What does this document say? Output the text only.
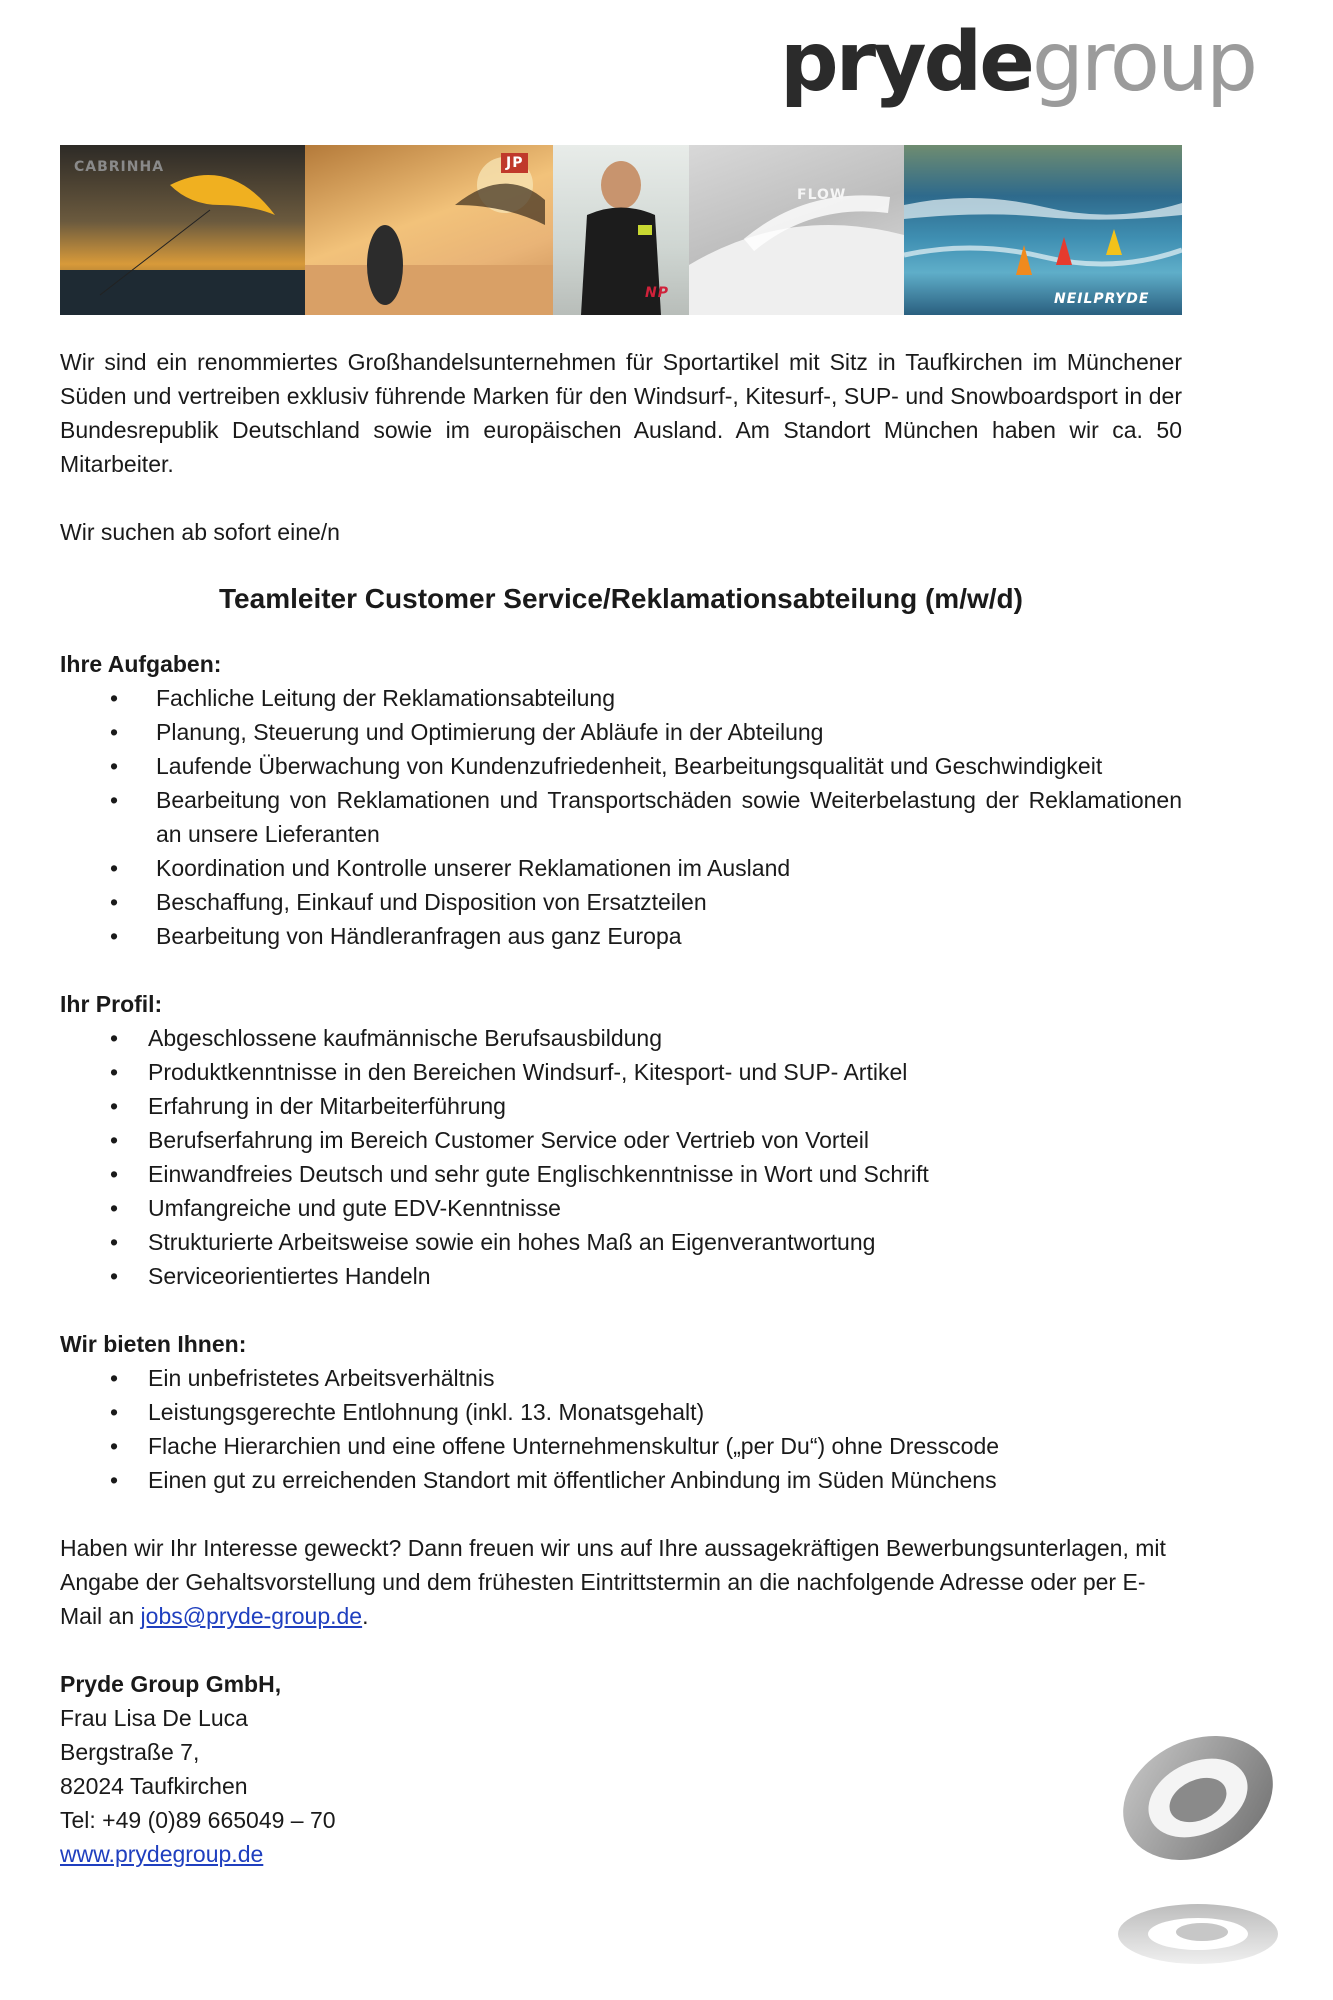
prydegroup
CABRINHA	JP
NP
FLOW
NEILPRYDE

Wir sind ein renommiertes Großhandelsunternehmen für Sportartikel mit Sitz in Taufkirchen im Münchener Süden und vertreiben exklusiv führende Marken für den Windsurf-, Kitesurf-, SUP- und Snowboardsport in der Bundesrepublik Deutschland sowie im europäischen Ausland. Am Standort München haben wir ca. 50 Mitarbeiter.

Wir suchen ab sofort eine/n

Teamleiter Customer Service/Reklamationsabteilung (m/w/d)

Ihre Aufgaben:

• Fachliche Leitung der Reklamationsabteilung
• Planung, Steuerung und Optimierung der Abläufe in der Abteilung
• Laufende Überwachung von Kundenzufriedenheit, Bearbeitungsqualität und Geschwindigkeit
• Bearbeitung von Reklamationen und Transportschäden sowie Weiterbelastung der Reklamationen an unsere Lieferanten
• Koordination und Kontrolle unserer Reklamationen im Ausland
• Beschaffung, Einkauf und Disposition von Ersatzteilen
• Bearbeitung von Händleranfragen aus ganz Europa

Ihr Profil:

• Abgeschlossene kaufmännische Berufsausbildung
• Produktkenntnisse in den Bereichen Windsurf-, Kitesport- und SUP- Artikel
• Erfahrung in der Mitarbeiterführung
• Berufserfahrung im Bereich Customer Service oder Vertrieb von Vorteil
• Einwandfreies Deutsch und sehr gute Englischkenntnisse in Wort und Schrift
• Umfangreiche und gute EDV-Kenntnisse
• Strukturierte Arbeitsweise sowie ein hohes Maß an Eigenverantwortung
• Serviceorientiertes Handeln

Wir bieten Ihnen:

• Ein unbefristetes Arbeitsverhältnis
• Leistungsgerechte Entlohnung (inkl. 13. Monatsgehalt)
• Flache Hierarchien und eine offene Unternehmenskultur („per Du“) ohne Dresscode
• Einen gut zu erreichenden Standort mit öffentlicher Anbindung im Süden Münchens

Haben wir Ihr Interesse geweckt? Dann freuen wir uns auf Ihre aussagekräftigen Bewerbungsunterlagen, mit Angabe der Gehaltsvorstellung und dem frühesten Eintrittstermin an die nachfolgende Adresse oder per E-Mail an jobs@pryde-group.de.

Pryde Group GmbH,

Frau Lisa De Luca

Bergstraße 7,

82024 Taufkirchen

Tel: +49 (0)89 665049 – 70

www.prydegroup.de
